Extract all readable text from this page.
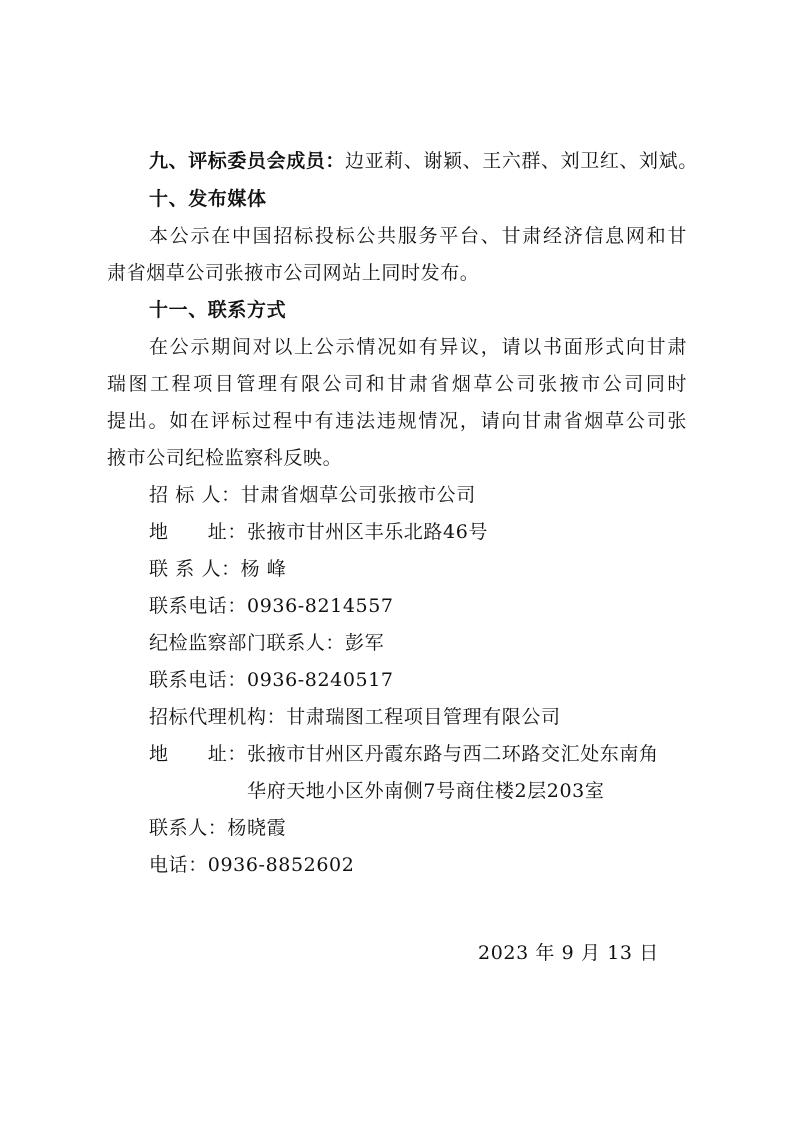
九、评标委员会成员：边亚莉、谢颖、王六群、刘卫红、刘斌。
十、发布媒体
本公示在中国招标投标公共服务平台、甘肃经济信息网和甘
肃省烟草公司张掖市公司网站上同时发布。
十一、联系方式
在公示期间对以上公示情况如有异议，请以书面形式向甘肃
瑞图工程项目管理有限公司和甘肃省烟草公司张掖市公司同时
提出。如在评标过程中有违法违规情况，请向甘肃省烟草公司张
掖市公司纪检监察科反映。
招 标 人：甘肃省烟草公司张掖市公司
地　　址：张掖市甘州区丰乐北路46号
联 系 人：杨 峰
联系电话：0936-8214557
纪检监察部门联系人：彭军
联系电话：0936-8240517
招标代理机构：甘肃瑞图工程项目管理有限公司
地　　址：张掖市甘州区丹霞东路与西二环路交汇处东南角
华府天地小区外南侧7号商住楼2层203室
联系人：杨晓霞
电话：0936-8852602
2023 年 9 月 13 日
